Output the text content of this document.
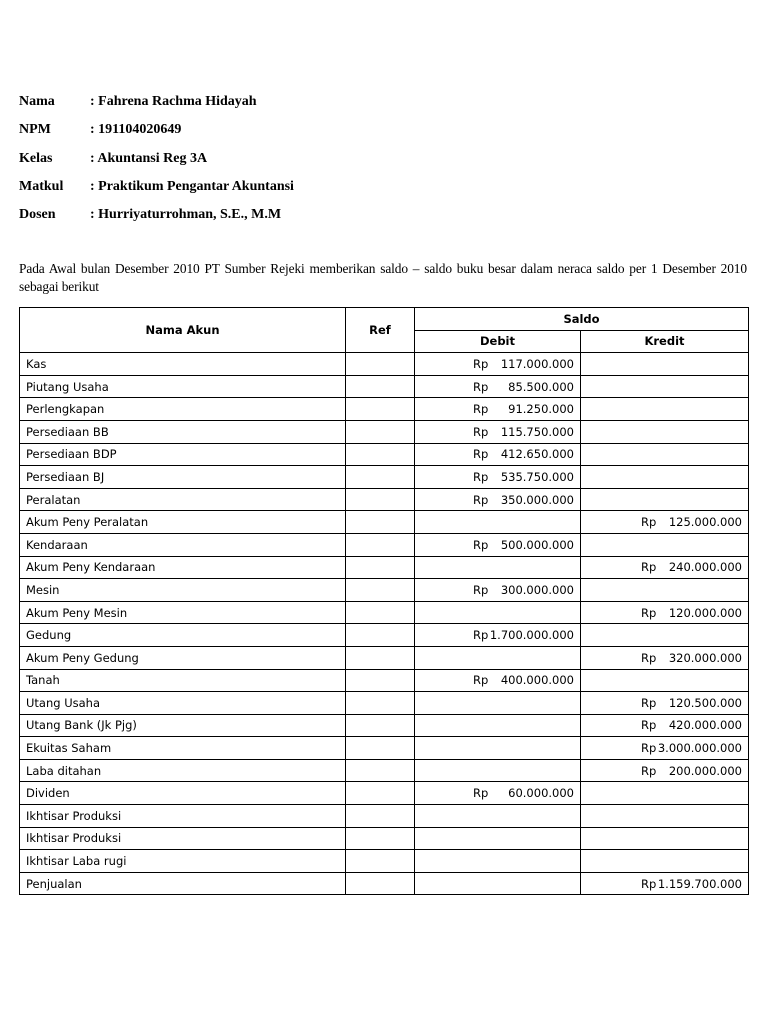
Nama	: Fahrena Rachma Hidayah
NPM	: 191104020649
Kelas	: Akuntansi Reg 3A
Matkul	: Praktikum Pengantar Akuntansi
Dosen	: Hurriyaturrohman, S.E., M.M
Pada Awal bulan Desember 2010 PT Sumber Rejeki memberikan saldo – saldo buku besar dalam neraca saldo per 1 Desember 2010 sebagai berikut
Nama Akun	Ref	Saldo	
		Debit	Kredit
Kas		Rp 117.000.000	

Piutang Usaha		Rp 85.500.000	

Perlengkapan		Rp 91.250.000	

Persediaan BB		Rp 115.750.000	

Persediaan BDP		Rp 412.650.000	

Persediaan BJ		Rp 535.750.000	

Peralatan		Rp 350.000.000	

Akum Peny Peralatan			Rp 125.000.000

Kendaraan		Rp 500.000.000	

Akum Peny Kendaraan			Rp 240.000.000

Mesin		Rp 300.000.000	

Akum Peny Mesin			Rp 120.000.000

Gedung		Rp 1.700.000.000	

Akum Peny Gedung			Rp 320.000.000

Tanah		Rp 400.000.000	

Utang Usaha			Rp 120.500.000

Utang Bank (Jk Pjg)			Rp 420.000.000

Ekuitas Saham			Rp 3.000.000.000

Laba ditahan			Rp 200.000.000

Dividen		Rp 60.000.000	

Ikhtisar Produksi			
Ikhtisar Produksi			
Ikhtisar Laba rugi			
Penjualan			Rp 1.159.700.000
